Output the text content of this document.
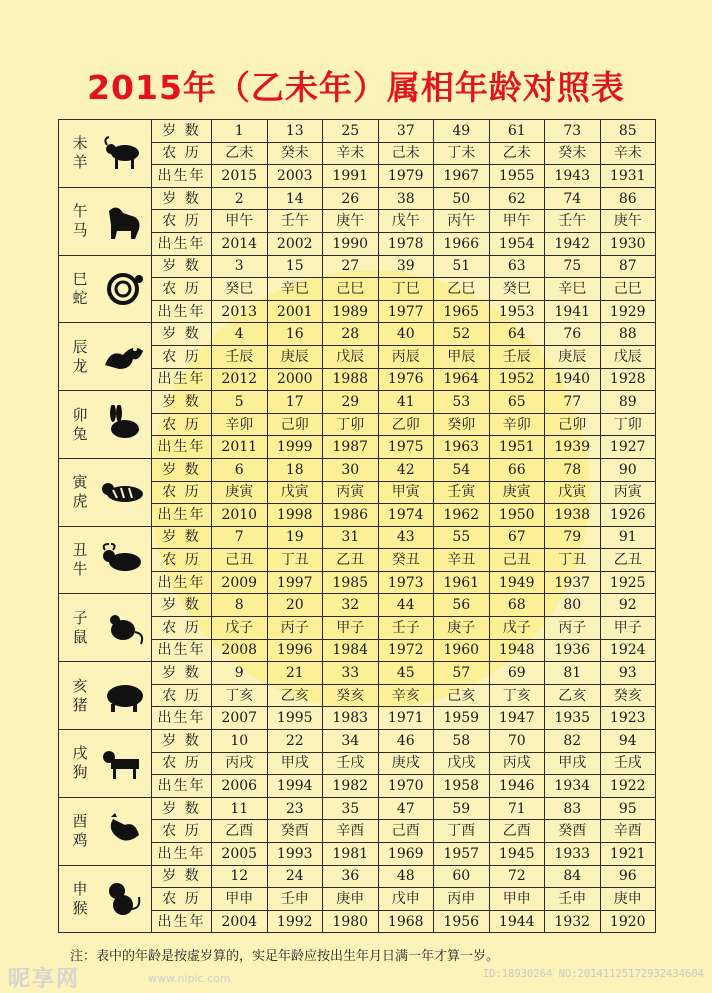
2015年（乙未年）属相年龄对照表
未
羊	岁 数	1	13	25	37	49	61	73	85
	农 历	乙未	癸未	辛未	己未	丁未	乙未	癸未	辛未
	出生年	2015	2003	1991	1979	1967	1955	1943	1931

午
马	岁 数	2	14	26	38	50	62	74	86
	农 历	甲午	壬午	庚午	戊午	丙午	甲午	壬午	庚午
	出生年	2014	2002	1990	1978	1966	1954	1942	1930

巳
蛇	岁 数	3	15	27	39	51	63	75	87
	农 历	癸巳	辛巳	己巳	丁巳	乙巳	癸巳	辛巳	己巳
	出生年	2013	2001	1989	1977	1965	1953	1941	1929

辰
龙	岁 数	4	16	28	40	52	64	76	88
	农 历	壬辰	庚辰	戊辰	丙辰	甲辰	壬辰	庚辰	戊辰
	出生年	2012	2000	1988	1976	1964	1952	1940	1928

卯
兔	岁 数	5	17	29	41	53	65	77	89
	农 历	辛卯	己卯	丁卯	乙卯	癸卯	辛卯	己卯	丁卯
	出生年	2011	1999	1987	1975	1963	1951	1939	1927

寅
虎	岁 数	6	18	30	42	54	66	78	90
	农 历	庚寅	戊寅	丙寅	甲寅	壬寅	庚寅	戊寅	丙寅
	出生年	2010	1998	1986	1974	1962	1950	1938	1926

丑
牛	岁 数	7	19	31	43	55	67	79	91
	农 历	己丑	丁丑	乙丑	癸丑	辛丑	己丑	丁丑	乙丑
	出生年	2009	1997	1985	1973	1961	1949	1937	1925

子
鼠	岁 数	8	20	32	44	56	68	80	92
	农 历	戊子	丙子	甲子	壬子	庚子	戊子	丙子	甲子
	出生年	2008	1996	1984	1972	1960	1948	1936	1924

亥
猪	岁 数	9	21	33	45	57	69	81	93
	农 历	丁亥	乙亥	癸亥	辛亥	己亥	丁亥	乙亥	癸亥
	出生年	2007	1995	1983	1971	1959	1947	1935	1923

戌
狗	岁 数	10	22	34	46	58	70	82	94
	农 历	丙戌	甲戌	壬戌	庚戌	戊戌	丙戌	甲戌	壬戌
	出生年	2006	1994	1982	1970	1958	1946	1934	1922

酉
鸡	岁 数	11	23	35	47	59	71	83	95
	农 历	乙酉	癸酉	辛酉	己酉	丁酉	乙酉	癸酉	辛酉
	出生年	2005	1993	1981	1969	1957	1945	1933	1921

申
猴	岁 数	12	24	36	48	60	72	84	96
	农 历	甲申	壬申	庚申	戊申	丙申	甲申	壬申	庚申
	出生年	2004	1992	1980	1968	1956	1944	1932	1920
注：表中的年龄是按虚岁算的，实足年龄应按出生年月日满一年才算一岁。
昵享网	www.nipic.com	ID:18930264 NO:20141125172932434604
